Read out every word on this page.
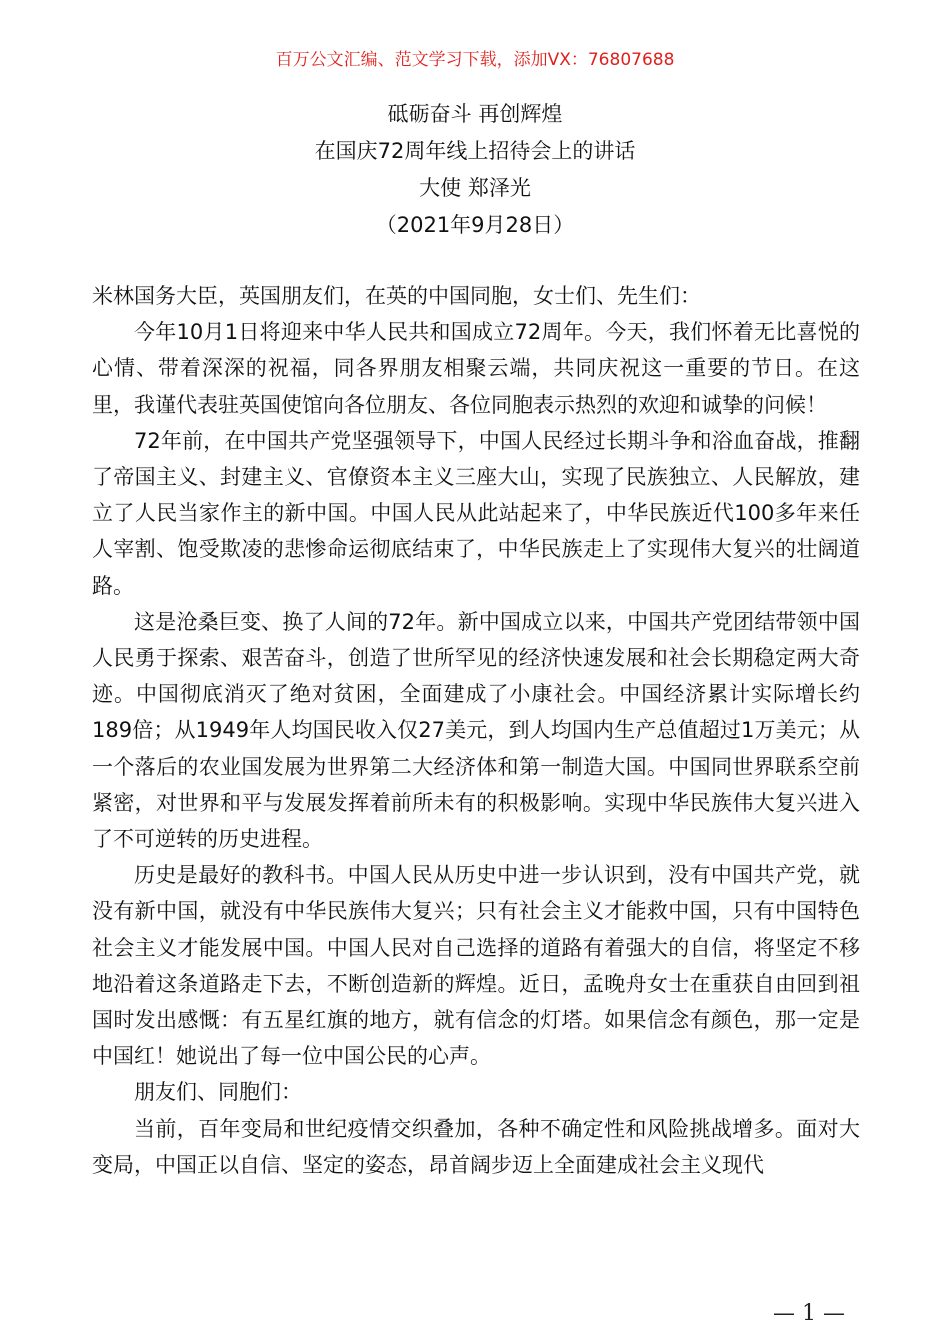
百万公文汇编、范文学习下载，添加VX：76807688
砥砺奋斗 再创辉煌
在国庆72周年线上招待会上的讲话
大使 郑泽光
（2021年9月28日）

米林国务大臣，英国朋友们，在英的中国同胞，女士们、先生们：

今年10月1日将迎来中华人民共和国成立72周年。今天，我们怀着无比喜悦的心情、带着深深的祝福，同各界朋友相聚云端，共同庆祝这一重要的节日。在这里，我谨代表驻英国使馆向各位朋友、各位同胞表示热烈的欢迎和诚挚的问候！

72年前，在中国共产党坚强领导下，中国人民经过长期斗争和浴血奋战，推翻了帝国主义、封建主义、官僚资本主义三座大山，实现了民族独立、人民解放，建立了人民当家作主的新中国。中国人民从此站起来了，中华民族近代100多年来任人宰割、饱受欺凌的悲惨命运彻底结束了，中华民族走上了实现伟大复兴的壮阔道路。

这是沧桑巨变、换了人间的72年。新中国成立以来，中国共产党团结带领中国人民勇于探索、艰苦奋斗，创造了世所罕见的经济快速发展和社会长期稳定两大奇迹。中国彻底消灭了绝对贫困，全面建成了小康社会。中国经济累计实际增长约189倍；从1949年人均国民收入仅27美元，到人均国内生产总值超过1万美元；从一个落后的农业国发展为世界第二大经济体和第一制造大国。中国同世界联系空前紧密，对世界和平与发展发挥着前所未有的积极影响。实现中华民族伟大复兴进入了不可逆转的历史进程。

历史是最好的教科书。中国人民从历史中进一步认识到，没有中国共产党，就没有新中国，就没有中华民族伟大复兴；只有社会主义才能救中国，只有中国特色社会主义才能发展中国。中国人民对自己选择的道路有着强大的自信，将坚定不移地沿着这条道路走下去，不断创造新的辉煌。近日，孟晚舟女士在重获自由回到祖国时发出感慨：有五星红旗的地方，就有信念的灯塔。如果信念有颜色，那一定是中国红！她说出了每一位中国公民的心声。

朋友们、同胞们：

当前，百年变局和世纪疫情交织叠加，各种不确定性和风险挑战增多。面对大变局，中国正以自信、坚定的姿态，昂首阔步迈上全面建成社会主义现代

— 1 —
